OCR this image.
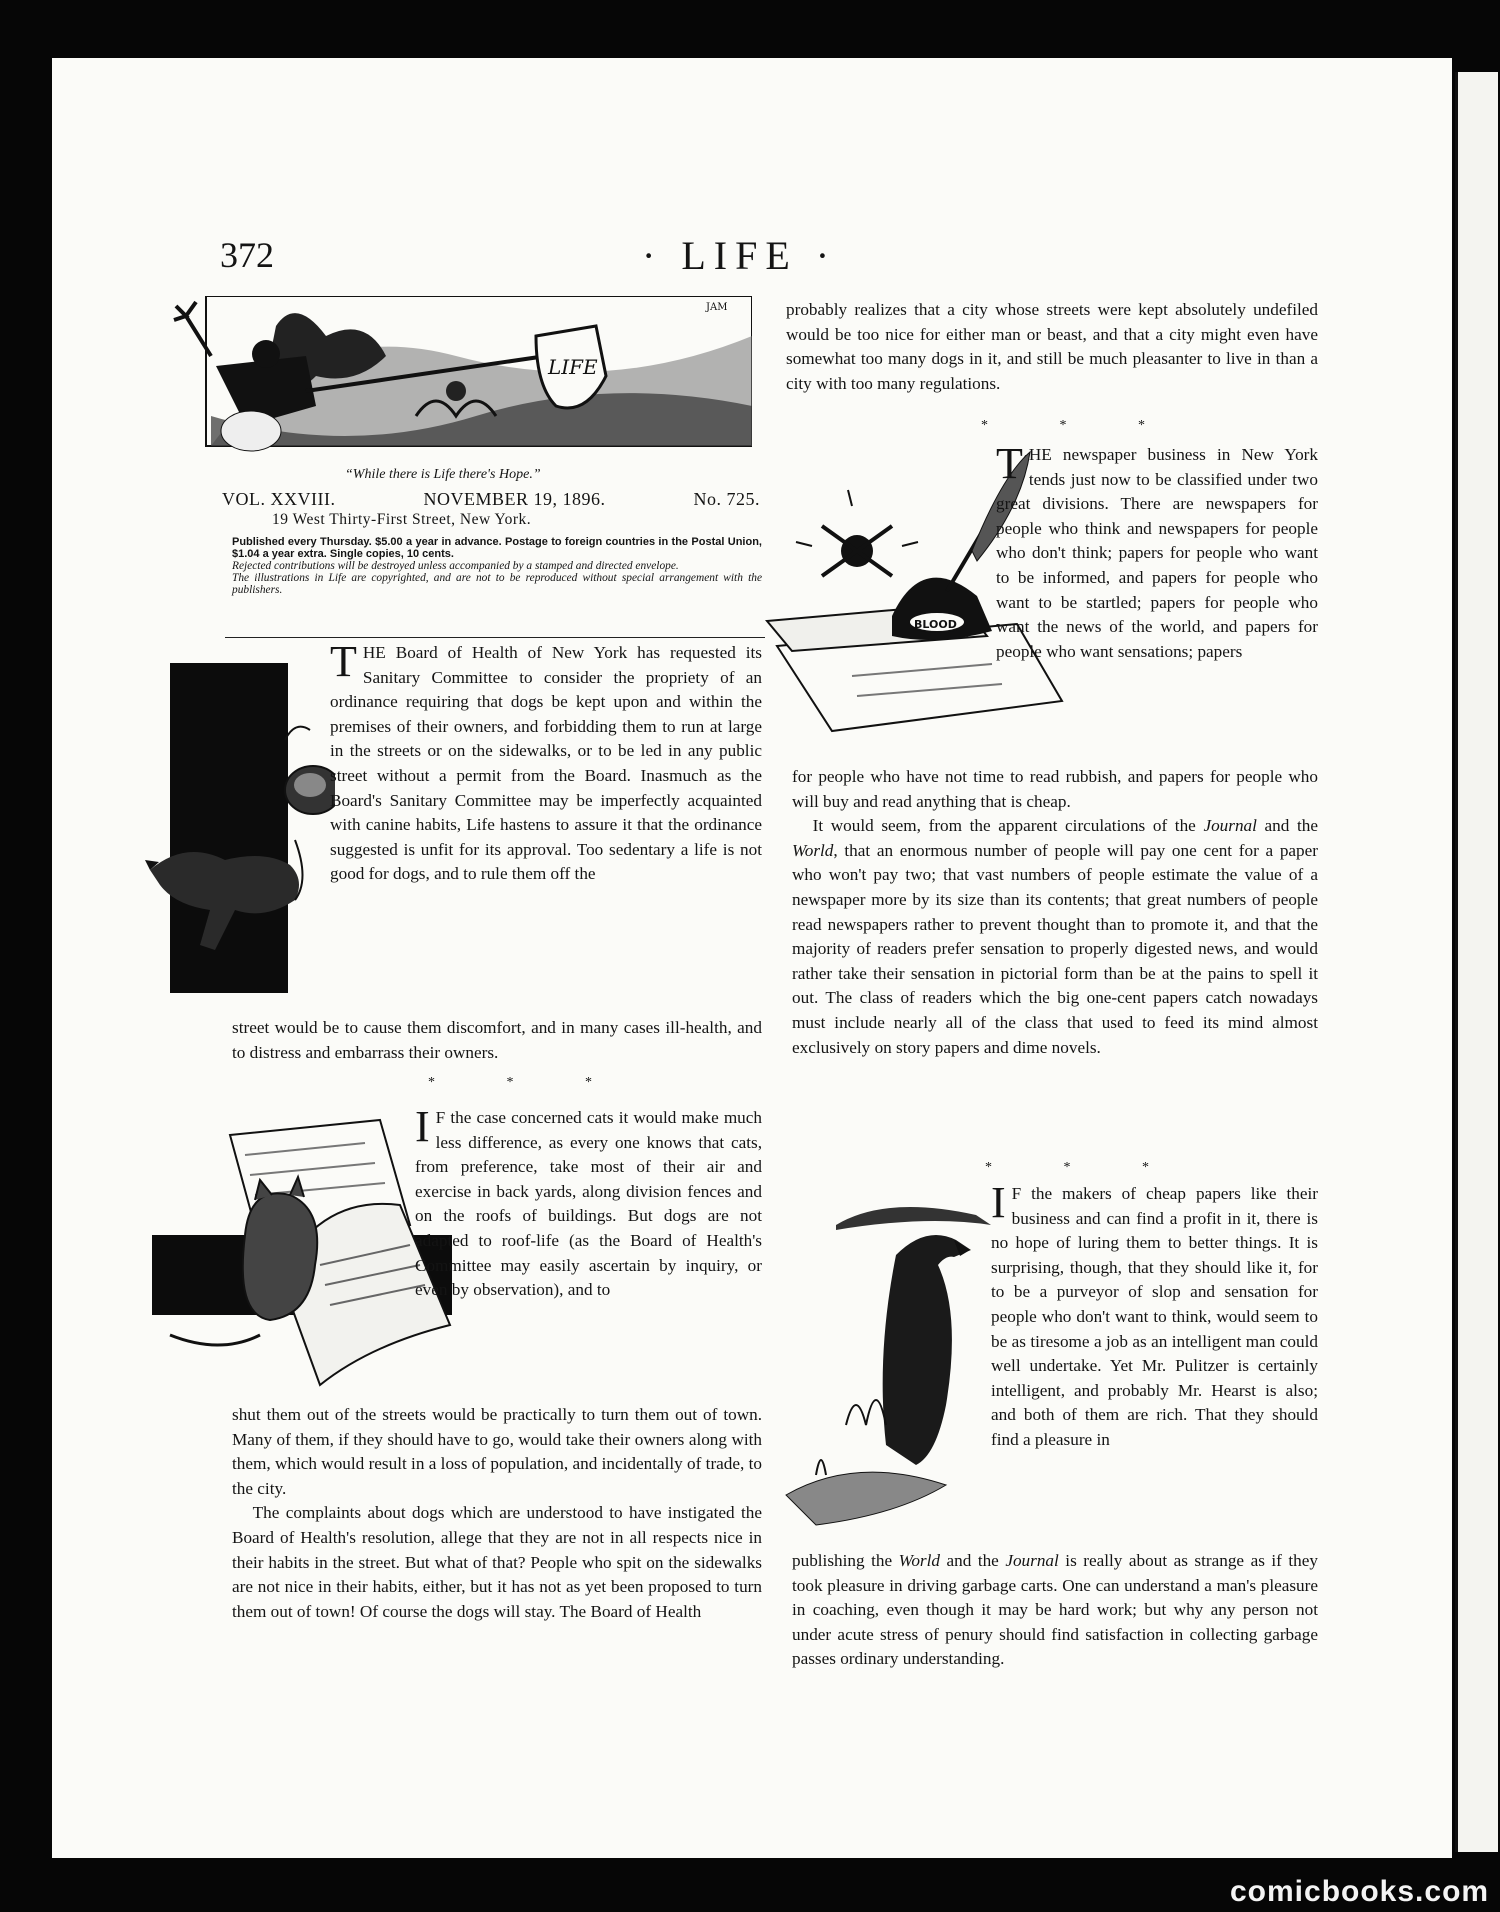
372	· LIFE ·
LIFE
JAM
“While there is Life there's Hope.”
VOL. XXVIII.	NOVEMBER 19, 1896.	No. 725.
19 West Thirty-First Street, New York.
Published every Thursday. $5.00 a year in advance. Postage to foreign countries in the Postal Union, $1.04 a year extra. Single copies, 10 cents.
Rejected contributions will be destroyed unless accompanied by a stamped and directed envelope.
The illustrations in Life are copyrighted, and are not to be reproduced without special arrangement with the publishers.
* * *
THE Board of Health of New York has requested its Sanitary Committee to consider the propriety of an ordinance requiring that dogs be kept upon and within the premises of their owners, and forbidding them to run at large in the streets or on the sidewalks, or to be led in any public street without a permit from the Board. Inasmuch as the Board's Sanitary Committee may be imperfectly acquainted with canine habits, Life hastens to assure it that the ordinance suggested is unfit for its approval. Too sedentary a life is not good for dogs, and to rule them off the

street would be to cause them discomfort, and in many cases ill-health, and to distress and embarrass their owners.

I F the case concerned cats it would make much less difference, as every one knows that cats, from preference, take most of their air and exercise in back yards, along division fences and on the roofs of buildings. But dogs are not adapted to roof-life (as the Board of Health's Committee may easily ascertain by inquiry, or even by observation), and to

shut them out of the streets would be practically to turn them out of town. Many of them, if they should have to go, would take their owners along with them, which would result in a loss of population, and incidentally of trade, to the city.

The complaints about dogs which are understood to have instigated the Board of Health's resolution, allege that they are not in all respects nice in their habits in the street. But what of that? People who spit on the sidewalks are not nice in their habits, either, but it has not as yet been proposed to turn them out of town! Of course the dogs will stay. The Board of Health

probably realizes that a city whose streets were kept absolutely undefiled would be too nice for either man or beast, and that a city might even have somewhat too many dogs in it, and still be much pleasanter to live in than a city with too many regulations.

* * *
BLOOD
THE newspaper business in New York tends just now to be classified under two great divisions. There are newspapers for people who think and newspapers for people who don't think; papers for people who want to be informed, and papers for people who want to be startled; papers for people who want the news of the world, and papers for people who want sensations; papers

for people who have not time to read rubbish, and papers for people who will buy and read anything that is cheap.

It would seem, from the apparent circulations of the Journal and the World, that an enormous number of people will pay one cent for a paper who won't pay two; that vast numbers of people estimate the value of a newspaper more by its size than its contents; that great numbers of people read newspapers rather to prevent thought than to promote it, and that the majority of readers prefer sensation to properly digested news, and would rather take their sensation in pictorial form than be at the pains to spell it out. The class of readers which the big one-cent papers catch nowadays must include nearly all of the class that used to feed its mind almost exclusively on story papers and dime novels.

* * *
I F the makers of cheap papers like their business and can find a profit in it, there is no hope of luring them to better things. It is surprising, though, that they should like it, for to be a purveyor of slop and sensation for people who don't want to think, would seem to be as tiresome a job as an intelligent man could well undertake. Yet Mr. Pulitzer is certainly intelligent, and probably Mr. Hearst is also; and both of them are rich. That they should find a pleasure in

publishing the World and the Journal is really about as strange as if they took pleasure in driving garbage carts. One can understand a man's pleasure in coaching, even though it may be hard work; but why any person not under acute stress of penury should find satisfaction in collecting garbage passes ordinary understanding.

comicbooks.com
